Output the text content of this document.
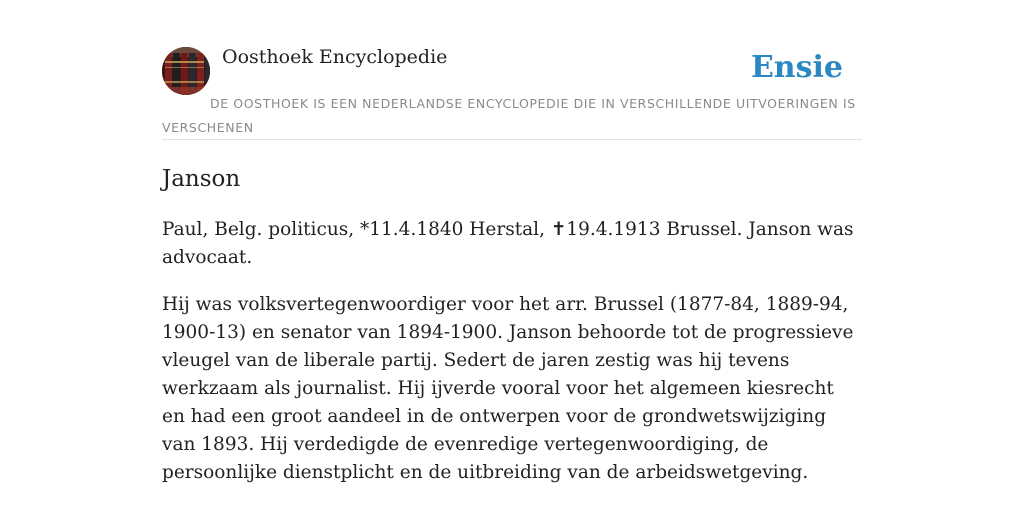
Oosthoek Encyclopedie	Ensie
DE OOSTHOEK IS EEN NEDERLANDSE ENCYCLOPEDIE DIE IN VERSCHILLENDE UITVOERINGEN IS VERSCHENEN
Janson

Paul, Belg. politicus, *11.4.1840 Herstal, ✝19.4.1913 Brussel. Janson was advocaat.

Hij was volksvertegenwoordiger voor het arr. Brussel (1877-84, 1889-94, 1900-13) en senator van 1894-1900. Janson behoorde tot de progressieve vleugel van de liberale partij. Sedert de jaren zestig was hij tevens werkzaam als journalist. Hij ijverde vooral voor het algemeen kiesrecht en had een groot aandeel in de ontwerpen voor de grondwetswijziging van 1893. Hij verdedigde de evenredige vertegenwoordiging, de persoonlijke dienstplicht en de uitbreiding van de arbeidswetgeving.
